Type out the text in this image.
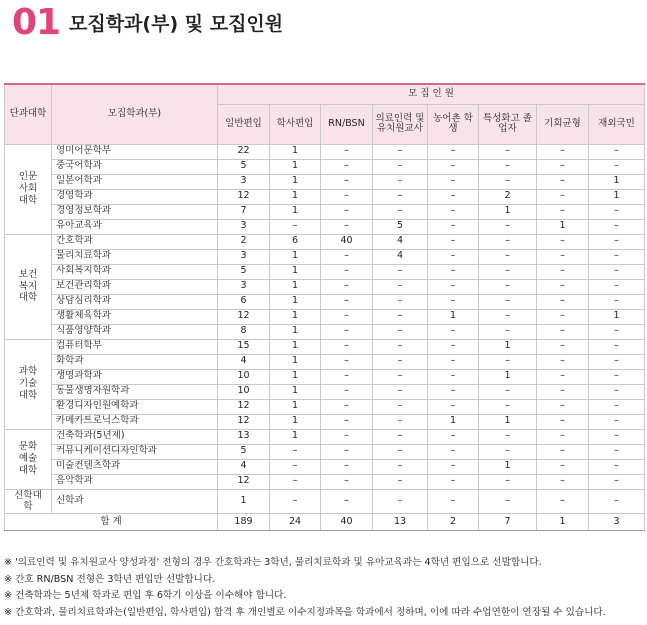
01 모집학과(부) 및 모집인원
단과대학	모집학과(부)	모 집 인 원							
		일반편입	학사편입	RN/BSN	의료인력 및 유치원교사	농어촌 학 생	특성화고 졸업자	기회균형	재외국민
인문 사회 대학	영미어문학부	22	1	–	–	–	–	–	–
	중국어학과	5	1	–	–	–	–	–	–
	일본어학과	3	1	–	–	–	–	–	1
	경영학과	12	1	–	–	–	2	–	1
	경영정보학과	7	1	–	–	–	1	–	–
	유아교육과	3	–	–	5	–	–	1	–
보건 복지 대학	간호학과	2	6	40	4	–	–	–	–
	물리치료학과	3	1	–	4	–	–	–	–
	사회복지학과	5	1	–	–	–	–	–	–
	보건관리학과	3	1	–	–	–	–	–	–
	상담심리학과	6	1	–	–	–	–	–	–
	생활체육학과	12	1	–	–	1	–	–	1
	식품영양학과	8	1	–	–	–	–	–	–
과학 기술 대학	컴퓨터학부	15	1	–	–	–	1	–	–
	화학과	4	1	–	–	–	–	–	–
	생명과학과	10	1	–	–	–	1	–	–
	동물생명자원학과	10	1	–	–	–	–	–	–
	환경디자인원예학과	12	1	–	–	–	–	–	–
	카메카트로닉스학과	12	1	–	–	1	1	–	–
문화 예술 대학	건축학과(5년제)	13	1	–	–	–	–	–	–
	커뮤니케이션디자인학과	5	–	–	–	–	–	–	–
	미술컨텐츠학과	4	–	–	–	–	1	–	–
	음악학과	12	–	–	–	–	–	–	–
신학대학	신학과	1	–	–	–	–	–	–	–
합 계		189	24	40	13	2	7	1	3
※ '의료인력 및 유치원교사 양성과정' 전형의 경우 간호학과는 3학년, 물리치료학과 및 유아교육과는 4학년 편입으로 선발합니다.
※ 간호 RN/BSN 전형은 3학년 편입만 선발합니다.
※ 건축학과는 5년제 학과로 편입 후 6학기 이상을 이수해야 합니다.
※ 간호학과, 물리치료학과는(일반편입, 학사편입) 합격 후 개인별로 이수지정과목을 학과에서 정하며, 이에 따라 수업연한이 연장될 수 있습니다.
